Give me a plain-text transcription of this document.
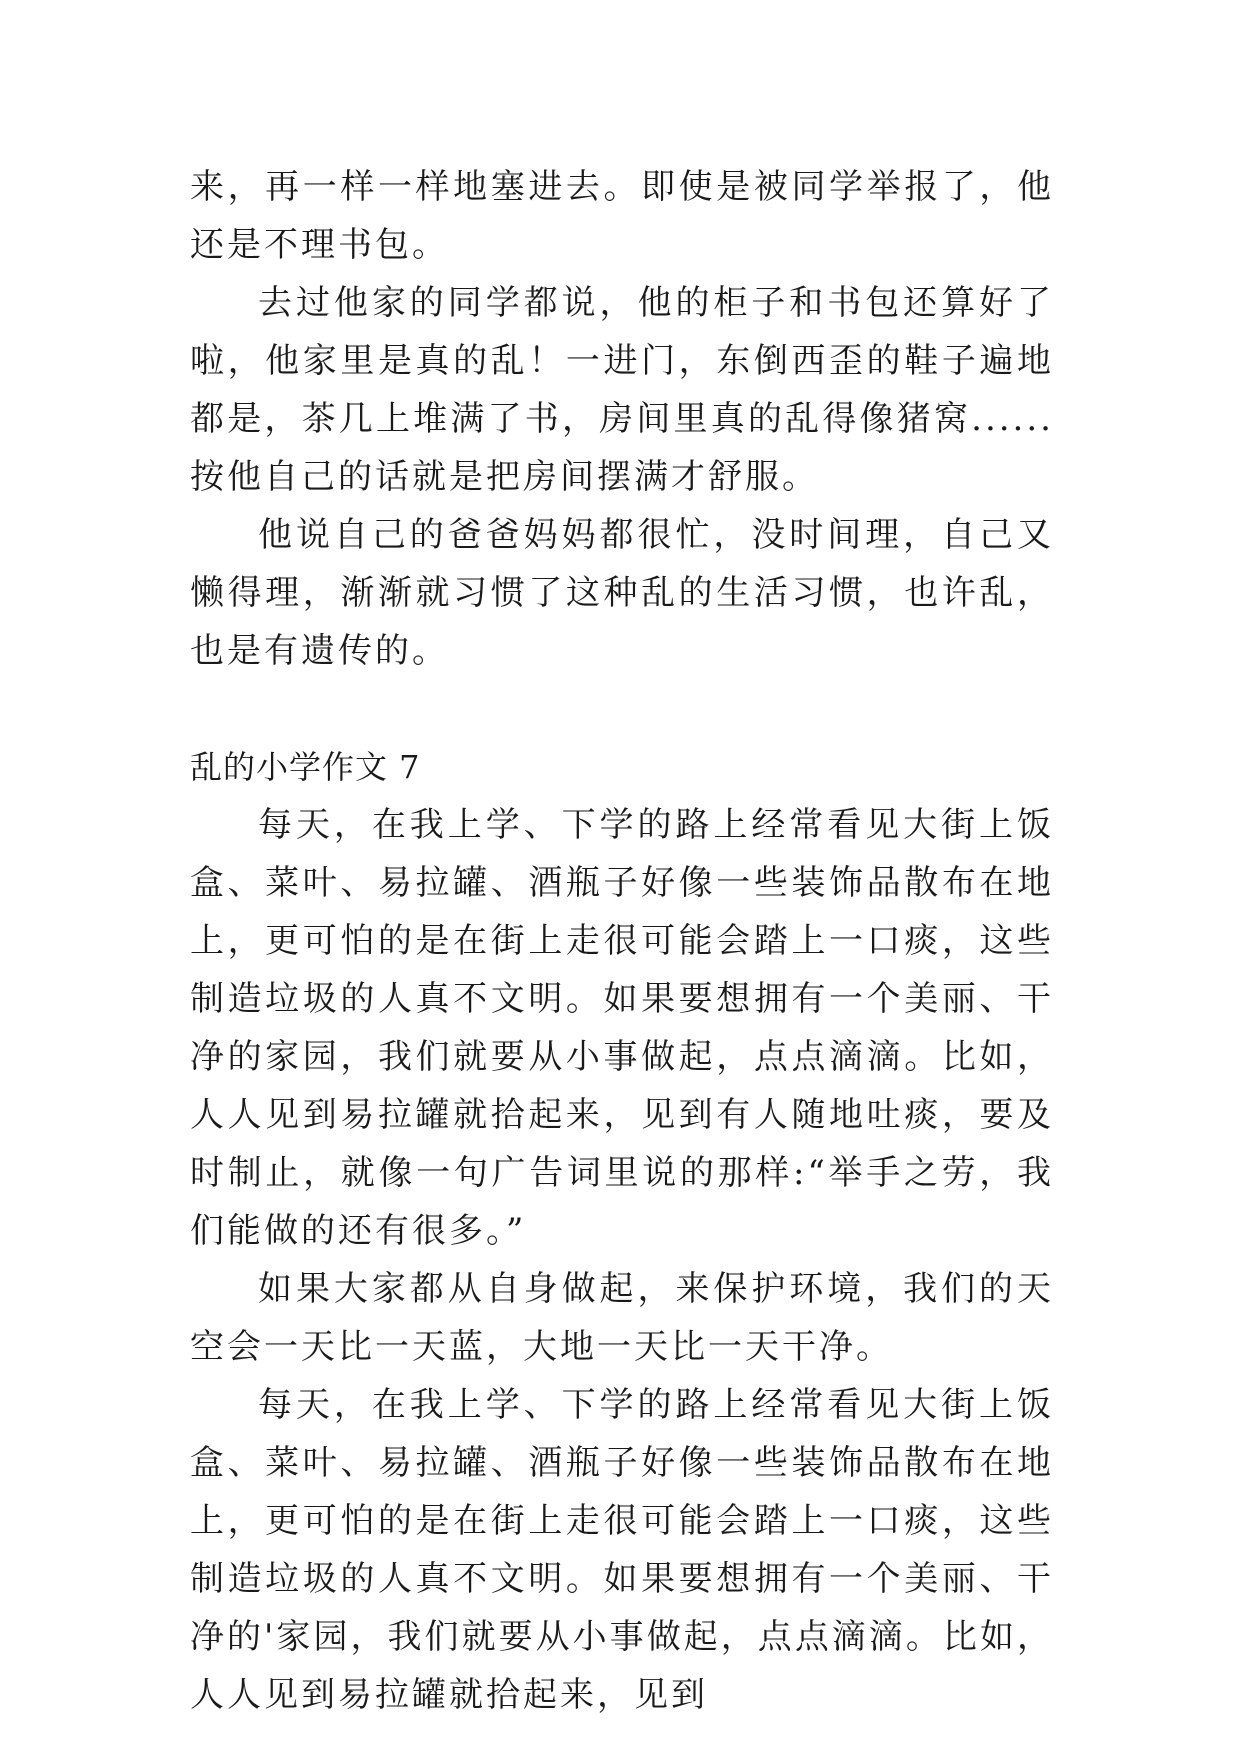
来，再一样一样地塞进去。即使是被同学举报了，他还是不理书包。

去过他家的同学都说，他的柜子和书包还算好了啦，他家里是真的乱！一进门，东倒西歪的鞋子遍地都是，茶几上堆满了书，房间里真的乱得像猪窝......按他自己的话就是把房间摆满才舒服。

他说自己的爸爸妈妈都很忙，没时间理，自己又懒得理，渐渐就习惯了这种乱的生活习惯，也许乱，也是有遗传的。

乱的小学作文 7

每天，在我上学、下学的路上经常看见大街上饭盒、菜叶、易拉罐、酒瓶子好像一些装饰品散布在地上，更可怕的是在街上走很可能会踏上一口痰，这些制造垃圾的人真不文明。如果要想拥有一个美丽、干净的家园，我们就要从小事做起，点点滴滴。比如，人人见到易拉罐就拾起来，见到有人随地吐痰，要及时制止，就像一句广告词里说的那样:“举手之劳，我们能做的还有很多。”

如果大家都从自身做起，来保护环境，我们的天空会一天比一天蓝，大地一天比一天干净。

每天，在我上学、下学的路上经常看见大街上饭盒、菜叶、易拉罐、酒瓶子好像一些装饰品散布在地上，更可怕的是在街上走很可能会踏上一口痰，这些制造垃圾的人真不文明。如果要想拥有一个美丽、干净的'家园，我们就要从小事做起，点点滴滴。比如，人人见到易拉罐就拾起来，见到
